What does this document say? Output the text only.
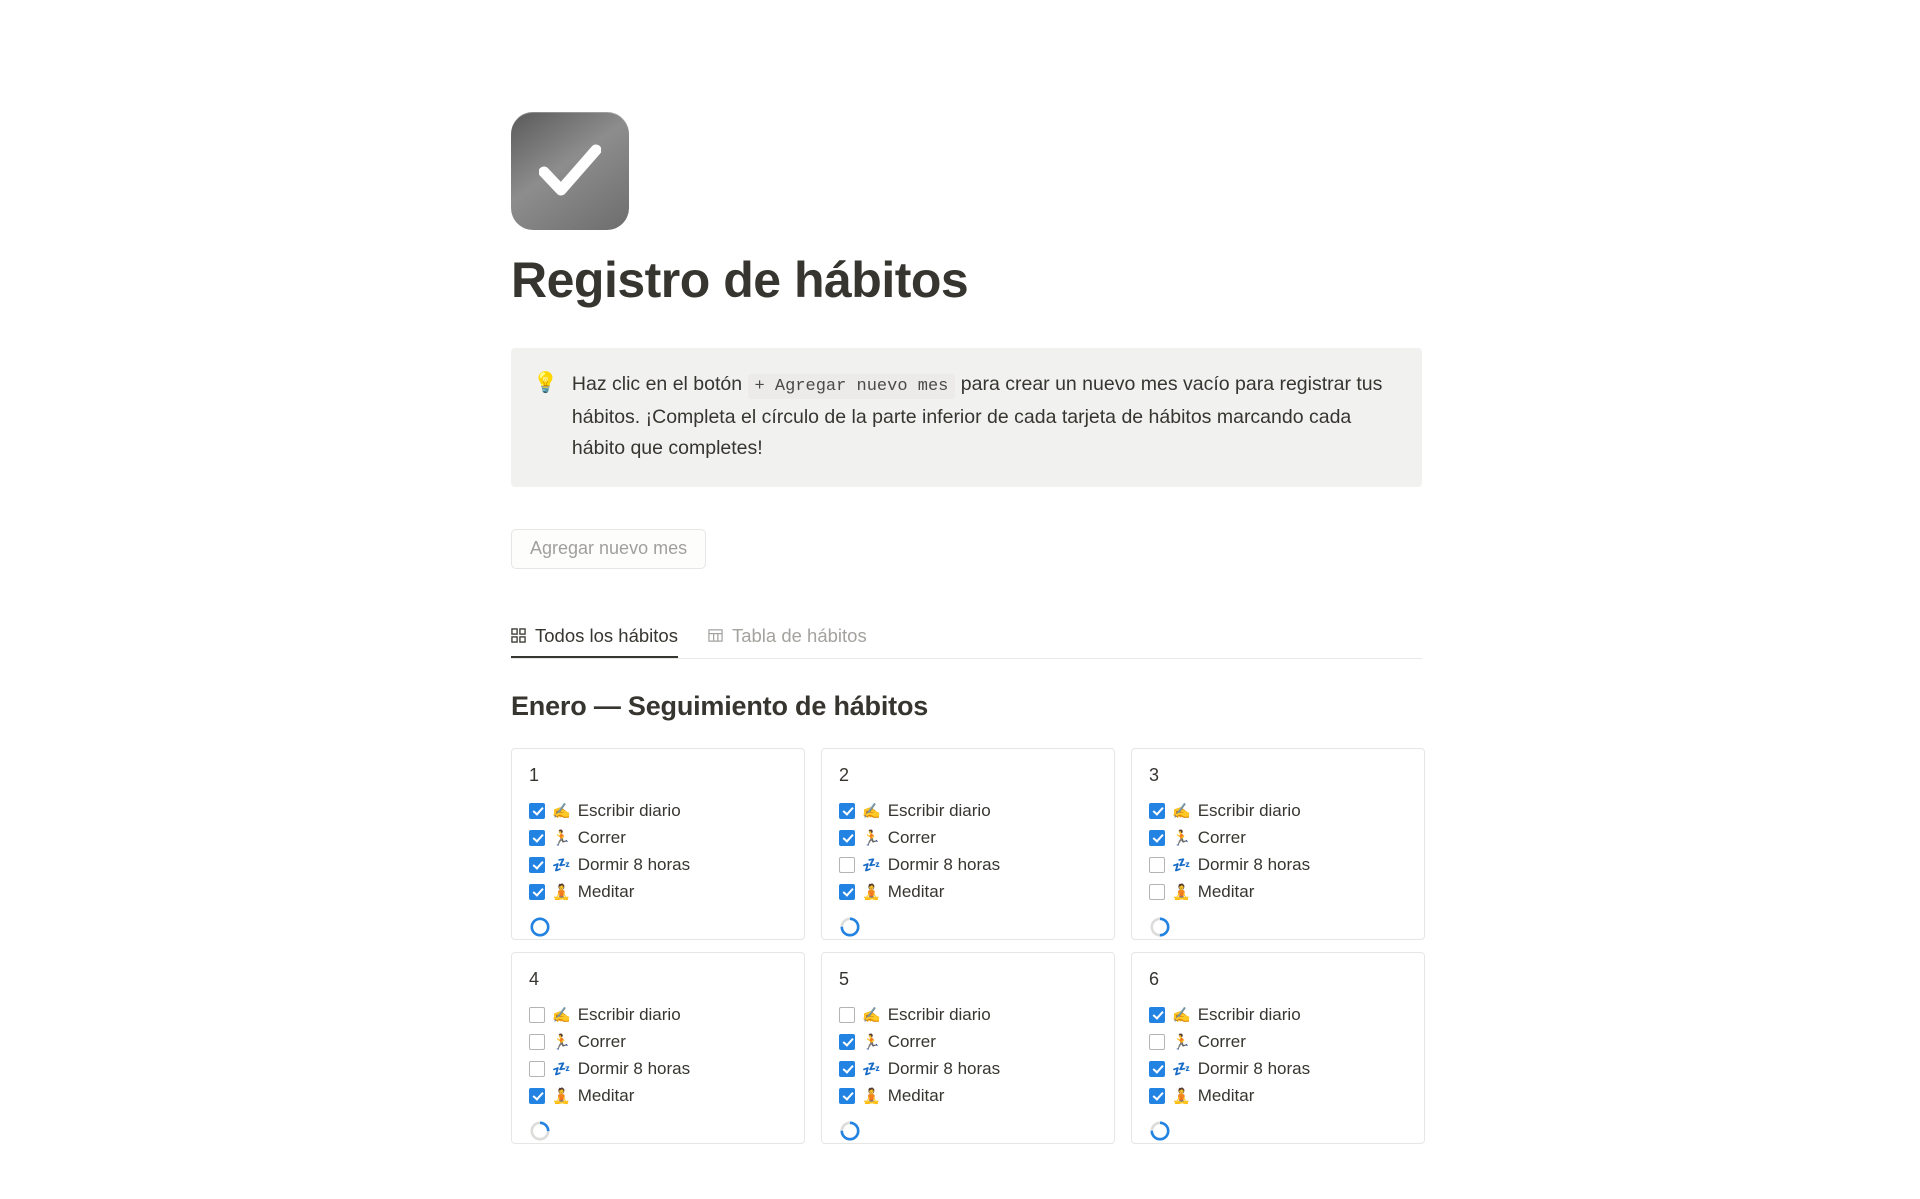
Registro de hábitos
💡 Haz clic en el botón + Agregar nuevo mes para crear un nuevo mes vacío para registrar tus hábitos. ¡Completa el círculo de la parte inferior de cada tarjeta de hábitos marcando cada hábito que completes!
Agregar nuevo mes
Todos los hábitos	Tabla de hábitos
Enero — Seguimiento de hábitos
1
✍️ Escribir diario
🏃 Correr
💤 Dormir 8 horas
🧘 Meditar
2
✍️ Escribir diario
🏃 Correr
💤 Dormir 8 horas
🧘 Meditar
3
✍️ Escribir diario
🏃 Correr
💤 Dormir 8 horas
🧘 Meditar
4
✍️ Escribir diario
🏃 Correr
💤 Dormir 8 horas
🧘 Meditar
5
✍️ Escribir diario
🏃 Correr
💤 Dormir 8 horas
🧘 Meditar
6
✍️ Escribir diario
🏃 Correr
💤 Dormir 8 horas
🧘 Meditar
